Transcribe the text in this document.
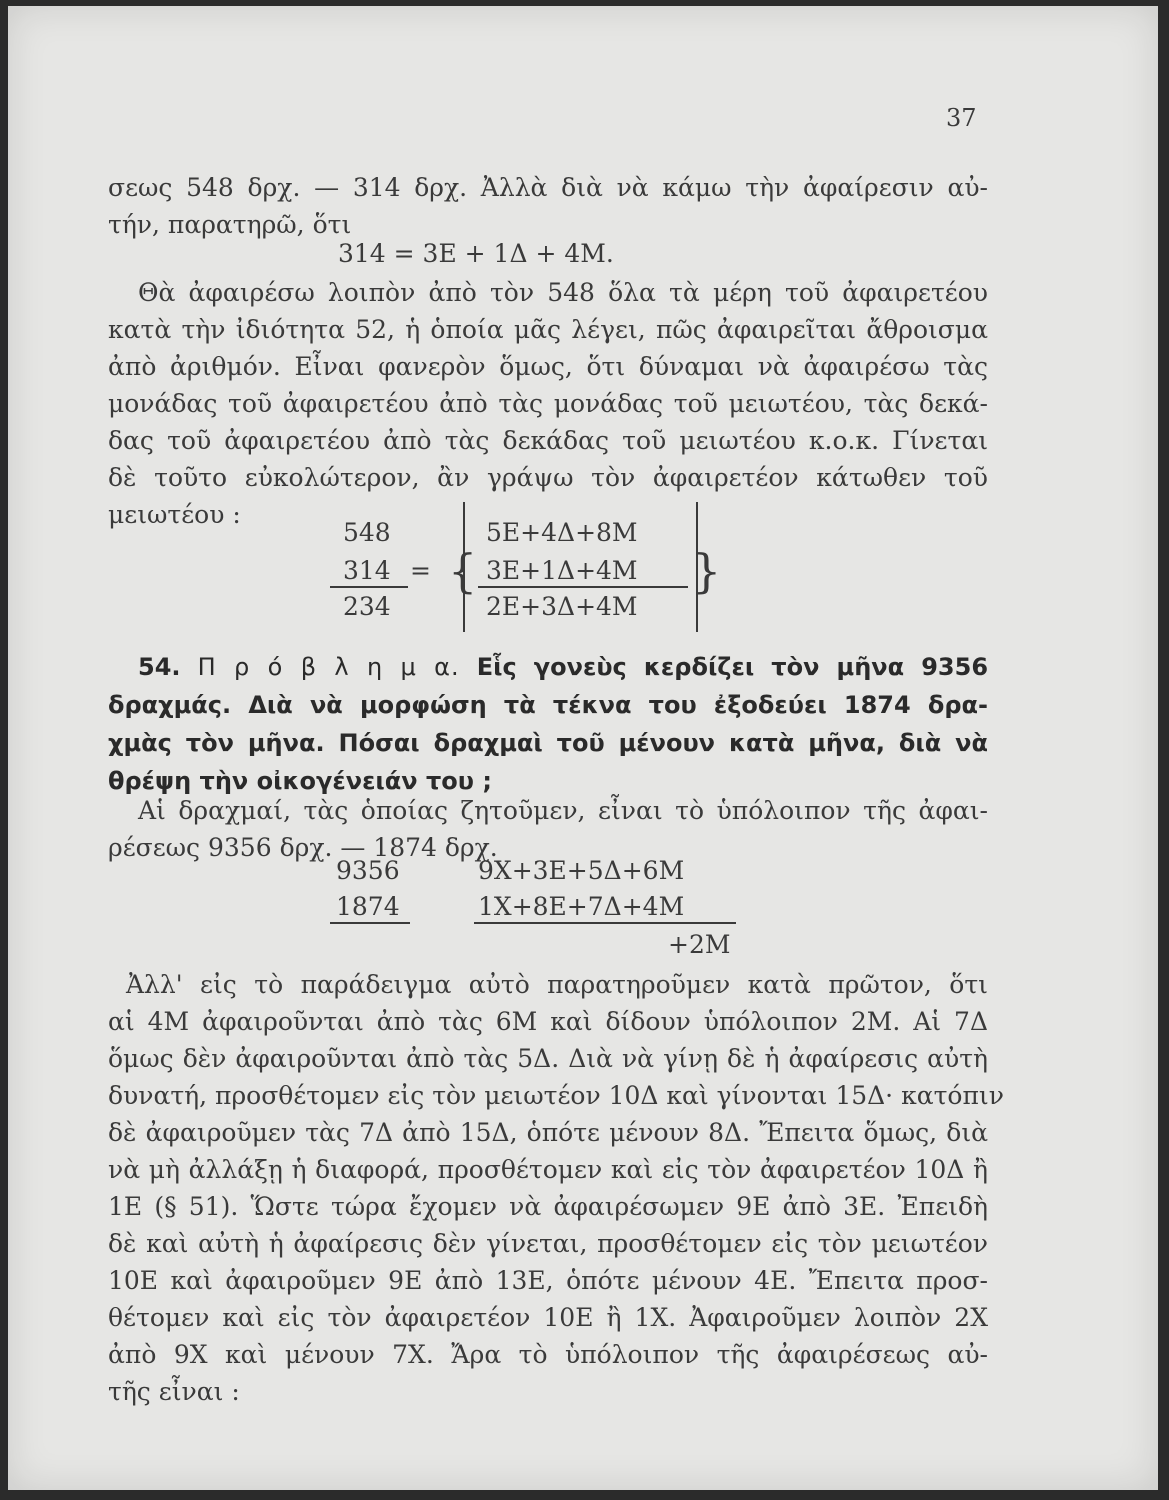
37
σεως 548 δρχ. — 314 δρχ. Ἀλλὰ διὰ νὰ κάμω τὴν ἀφαίρεσιν αὐ-
τήν, παρατηρῶ, ὅτι
314 = 3Ε + 1Δ + 4Μ.
Θὰ ἀφαιρέσω λοιπὸν ἀπὸ τὸν 548 ὅλα τὰ μέρη τοῦ ἀφαιρετέου
κατὰ τὴν ἰδιότητα 52, ἡ ὁποία μᾶς λέγει, πῶς ἀφαιρεῖται ἄθροισμα
ἀπὸ ἀριθμόν. Εἶναι φανερὸν ὅμως, ὅτι δύναμαι νὰ ἀφαιρέσω τὰς
μονάδας τοῦ ἀφαιρετέου ἀπὸ τὰς μονάδας τοῦ μειωτέου, τὰς δεκά-
δας τοῦ ἀφαιρετέου ἀπὸ τὰς δεκάδας τοῦ μειωτέου κ.ο.κ. Γίνεται
δὲ τοῦτο εὐκολώτερον, ἂν γράψω τὸν ἀφαιρετέον κάτωθεν τοῦ
μειωτέου :
548
314
234
= {	}
5Ε+4Δ+8Μ
3Ε+1Δ+4Μ
2Ε+3Δ+4Μ
54. Π ρ ό β λ η μ α. Εἷς γονεὺς κερδίζει τὸν μῆνα 9356
δραχμάς. Διὰ νὰ μορφώση τὰ τέκνα του ἐξοδεύει 1874 δρα-
χμὰς τὸν μῆνα. Πόσαι δραχμαὶ τοῦ μένουν κατὰ μῆνα, διὰ νὰ
θρέψη τὴν οἰκογένειάν του ;
Αἱ δραχμαί, τὰς ὁποίας ζητοῦμεν, εἶναι τὸ ὑπόλοιπον τῆς ἀφαι-
ρέσεως 9356 δρχ. — 1874 δρχ.
9356
1874
9Χ+3Ε+5Δ+6Μ
1Χ+8Ε+7Δ+4Μ
+2Μ
Ἀλλ' εἰς τὸ παράδειγμα αὐτὸ παρατηροῦμεν κατὰ πρῶτον, ὅτι
αἱ 4Μ ἀφαιροῦνται ἀπὸ τὰς 6Μ καὶ δίδουν ὑπόλοιπον 2Μ. Αἱ 7Δ
ὅμως δὲν ἀφαιροῦνται ἀπὸ τὰς 5Δ. Διὰ νὰ γίνῃ δὲ ἡ ἀφαίρεσις αὐτὴ
δυνατή, προσθέτομεν εἰς τὸν μειωτέον 10Δ καὶ γίνονται 15Δ· κατόπιν
δὲ ἀφαιροῦμεν τὰς 7Δ ἀπὸ 15Δ, ὁπότε μένουν 8Δ. Ἔπειτα ὅμως, διὰ
νὰ μὴ ἀλλάξῃ ἡ διαφορά, προσθέτομεν καὶ εἰς τὸν ἀφαιρετέον 10Δ ἢ
1Ε (§ 51). Ὥστε τώρα ἔχομεν νὰ ἀφαιρέσωμεν 9Ε ἀπὸ 3Ε. Ἐπειδὴ
δὲ καὶ αὐτὴ ἡ ἀφαίρεσις δὲν γίνεται, προσθέτομεν εἰς τὸν μειωτέον
10Ε καὶ ἀφαιροῦμεν 9Ε ἀπὸ 13Ε, ὁπότε μένουν 4Ε. Ἔπειτα προσ-
θέτομεν καὶ εἰς τὸν ἀφαιρετέον 10Ε ἢ 1Χ. Ἀφαιροῦμεν λοιπὸν 2Χ
ἀπὸ 9Χ καὶ μένουν 7Χ. Ἄρα τὸ ὑπόλοιπον τῆς ἀφαιρέσεως αὐ-
τῆς εἶναι :
